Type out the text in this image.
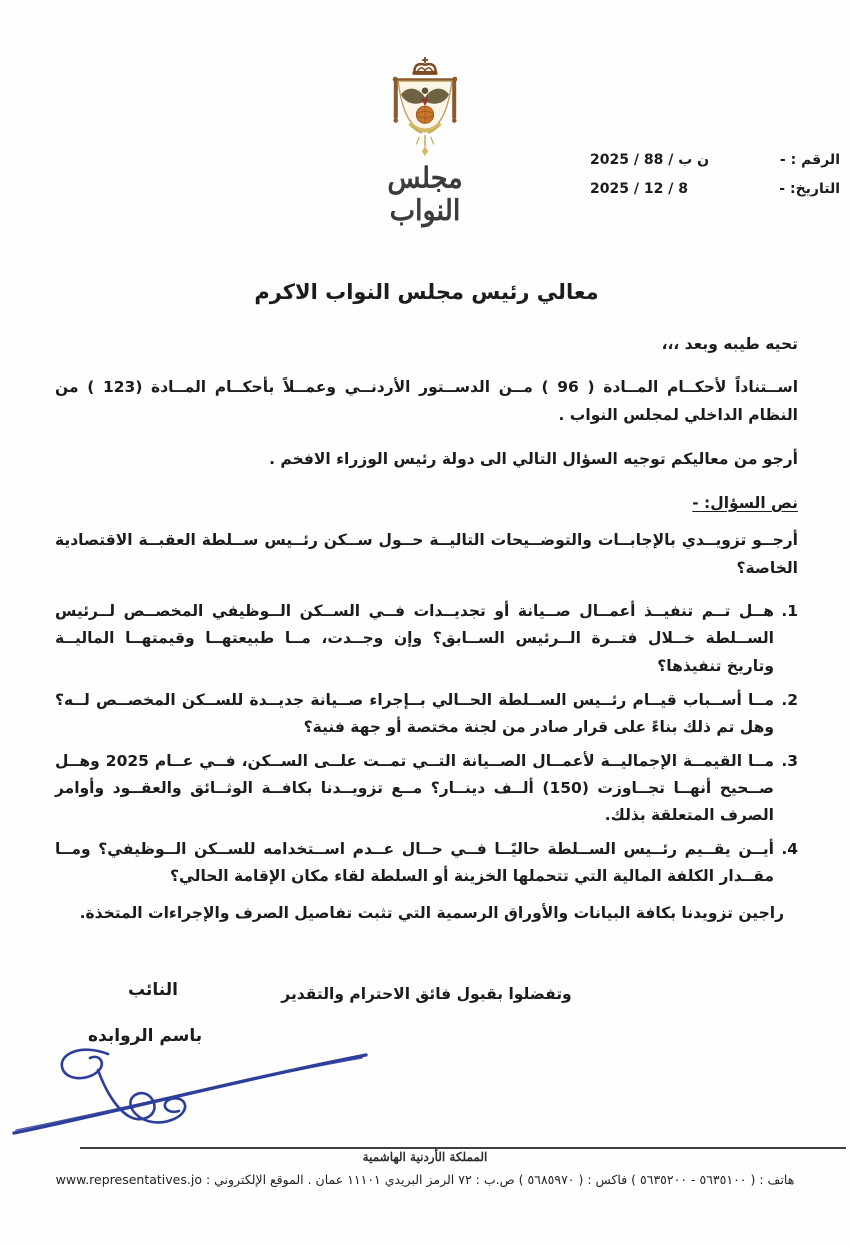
الرقم : -
ن ب / 88 / 2025
التاريخ: -
8 / 12 / 2025
مجلس النواب
معالي رئيس مجلس النواب الاكرم

تحيه طيبه وبعد ،،،

اســتناداً لأحكــام المــادة ( 96 ) مــن الدســتور الأردنــي وعمــلاً بأحكــام المــادة (123 ) من النظام الداخلي لمجلس النواب .

أرجو من معاليكم توجيه السؤال التالي الى دولة رئيس الوزراء الافخم .

نص السؤال: -

أرجــو تزويــدي بالإجابــات والتوضــيحات التاليــة حــول ســكن رئــيس ســلطة العقبــة الاقتصادية الخاصة؟

1.
هــل تــم تنفيــذ أعمــال صــيانة أو تجديــدات فــي الســكن الــوظيفي المخصــص لــرئيس الســلطة خــلال فتــرة الــرئيس الســابق؟ وإن وجــدت، مــا طبيعتهــا وقيمتهــا الماليــة وتاريخ تنفيذها؟
2.
مــا أســباب قيــام رئــيس الســلطة الحــالي بــإجراء صــيانة جديــدة للســكن المخصــص لــه؟ وهل تم ذلك بناءً على قرار صادر من لجنة مختصة أو جهة فنية؟
3.
مــا القيمــة الإجماليــة لأعمــال الصــيانة التــي تمــت علــى الســكن، فــي عــام 2025 وهــل صــحيح أنهــا تجــاوزت (150) ألــف دينــار؟ مــع تزويــدنا بكافــة الوثــائق والعقــود وأوامر الصرف المتعلقة بذلك.
4.
أيــن يقــيم رئــيس الســلطة حاليًــا فــي حــال عــدم اســتخدامه للســكن الــوظيفي؟ ومــا مقــدار الكلفة المالية التي تتحملها الخزينة أو السلطة لقاء مكان الإقامة الحالي؟

راجين تزويدنا بكافة البيانات والأوراق الرسمية التي تثبت تفاصيل الصرف والإجراءات المتخذة.

وتفضلوا بقبول فائق الاحترام والتقدير

النائب
باسم الروابده
المملكة الأردنية الهاشمية
هاتف : ( ٥٦٣٥١٠٠ - ٥٦٣٥٢٠٠ ) فاكس : ( ٥٦٨٥٩٧٠ ) ص.ب : ٧٢ الرمز البريدي ١١١٠١ عمان . الموقع الإلكتروني : www.representatives.jo
